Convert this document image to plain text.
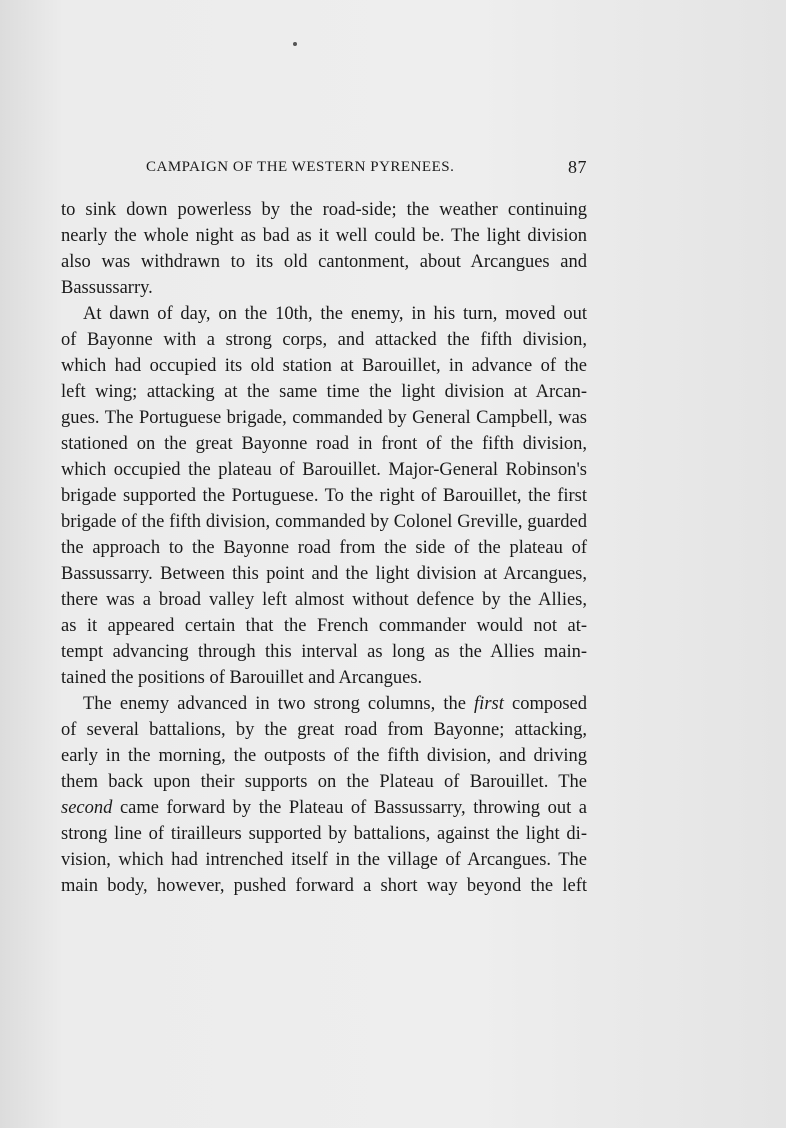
CAMPAIGN OF THE WESTERN PYRENEES.	87
to sink down powerless by the road-side; the weather continuing
nearly the whole night as bad as it well could be. The light division
also was withdrawn to its old cantonment, about Arcangues and
Bassussarry.
At dawn of day, on the 10th, the enemy, in his turn, moved out
of Bayonne with a strong corps, and attacked the fifth division,
which had occupied its old station at Barouillet, in advance of the
left wing; attacking at the same time the light division at Arcan-
gues. The Portuguese brigade, commanded by General Campbell, was
stationed on the great Bayonne road in front of the fifth division,
which occupied the plateau of Barouillet. Major-General Robinson's
brigade supported the Portuguese. To the right of Barouillet, the first
brigade of the fifth division, commanded by Colonel Greville, guarded
the approach to the Bayonne road from the side of the plateau of
Bassussarry. Between this point and the light division at Arcangues,
there was a broad valley left almost without defence by the Allies,
as it appeared certain that the French commander would not at-
tempt advancing through this interval as long as the Allies main-
tained the positions of Barouillet and Arcangues.
The enemy advanced in two strong columns, the first composed
of several battalions, by the great road from Bayonne; attacking,
early in the morning, the outposts of the fifth division, and driving
them back upon their supports on the Plateau of Barouillet. The
second came forward by the Plateau of Bassussarry, throwing out a
strong line of tirailleurs supported by battalions, against the light di-
vision, which had intrenched itself in the village of Arcangues. The
main body, however, pushed forward a short way beyond the left
